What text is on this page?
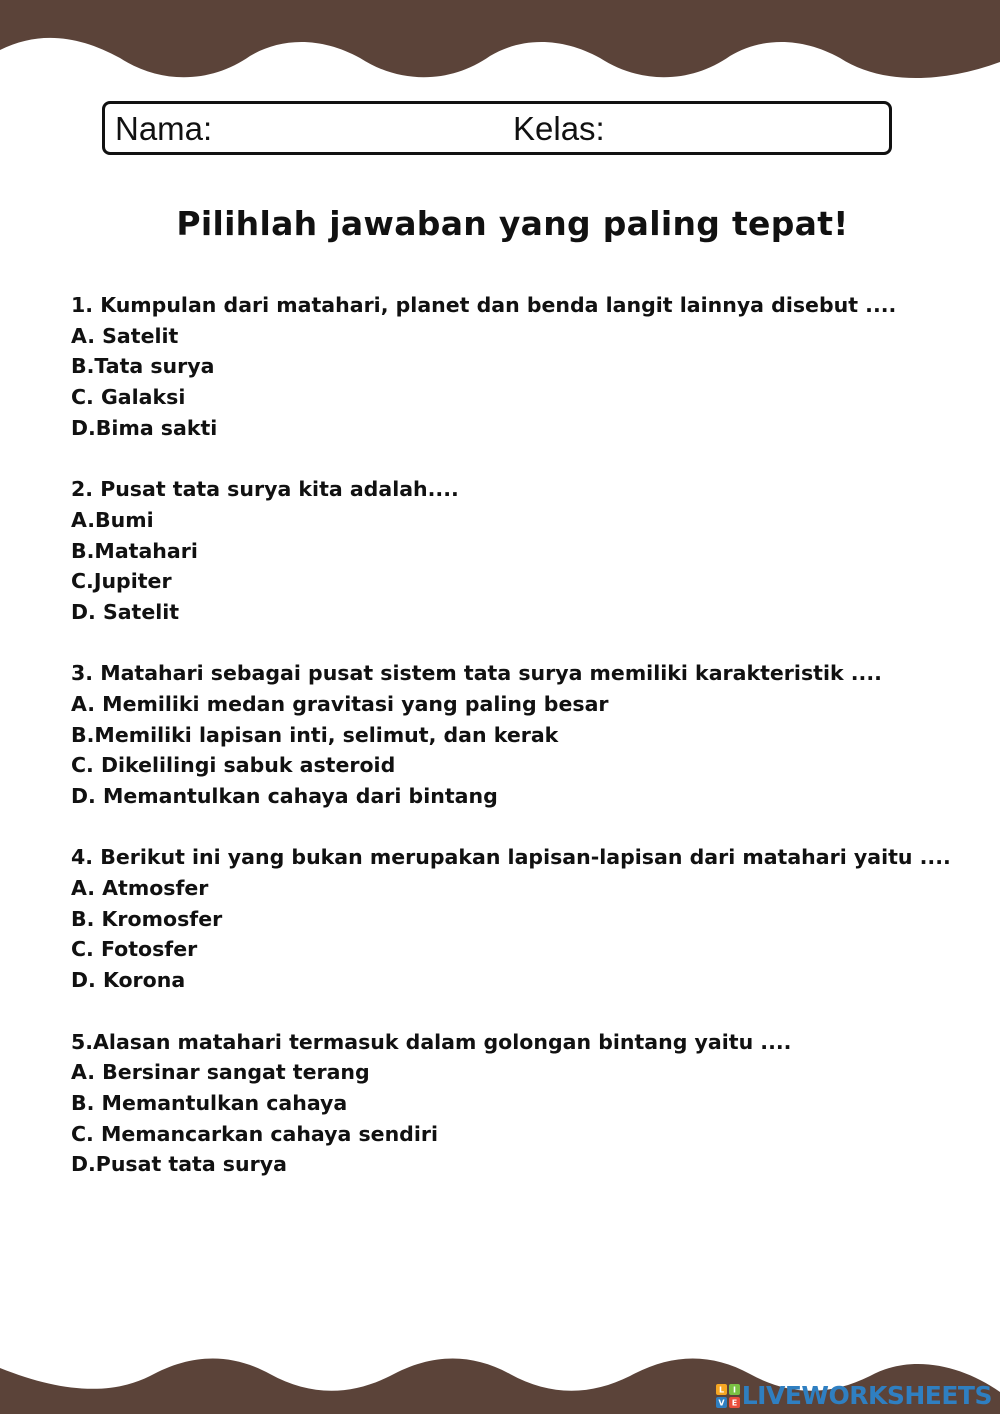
Nama:	Kelas:
Pilihlah jawaban yang paling tepat!
1. Kumpulan dari matahari, planet dan benda langit lainnya disebut ....
A. Satelit
B.Tata surya
C. Galaksi
D.Bima sakti
2. Pusat tata surya kita adalah....
A.Bumi
B.Matahari
C.Jupiter
D. Satelit
3. Matahari sebagai pusat sistem tata surya memiliki karakteristik ....
A. Memiliki medan gravitasi yang paling besar
B.Memiliki lapisan inti, selimut, dan kerak
C. Dikelilingi sabuk asteroid
D. Memantulkan cahaya dari bintang
4. Berikut ini yang bukan merupakan lapisan-lapisan dari matahari yaitu ....
A. Atmosfer
B. Kromosfer
C. Fotosfer
D. Korona
5.Alasan matahari termasuk dalam golongan bintang yaitu ....
A. Bersinar sangat terang
B. Memantulkan cahaya
C. Memancarkan cahaya sendiri
D.Pusat tata surya
L I
V E LIVEWORKSHEETS
